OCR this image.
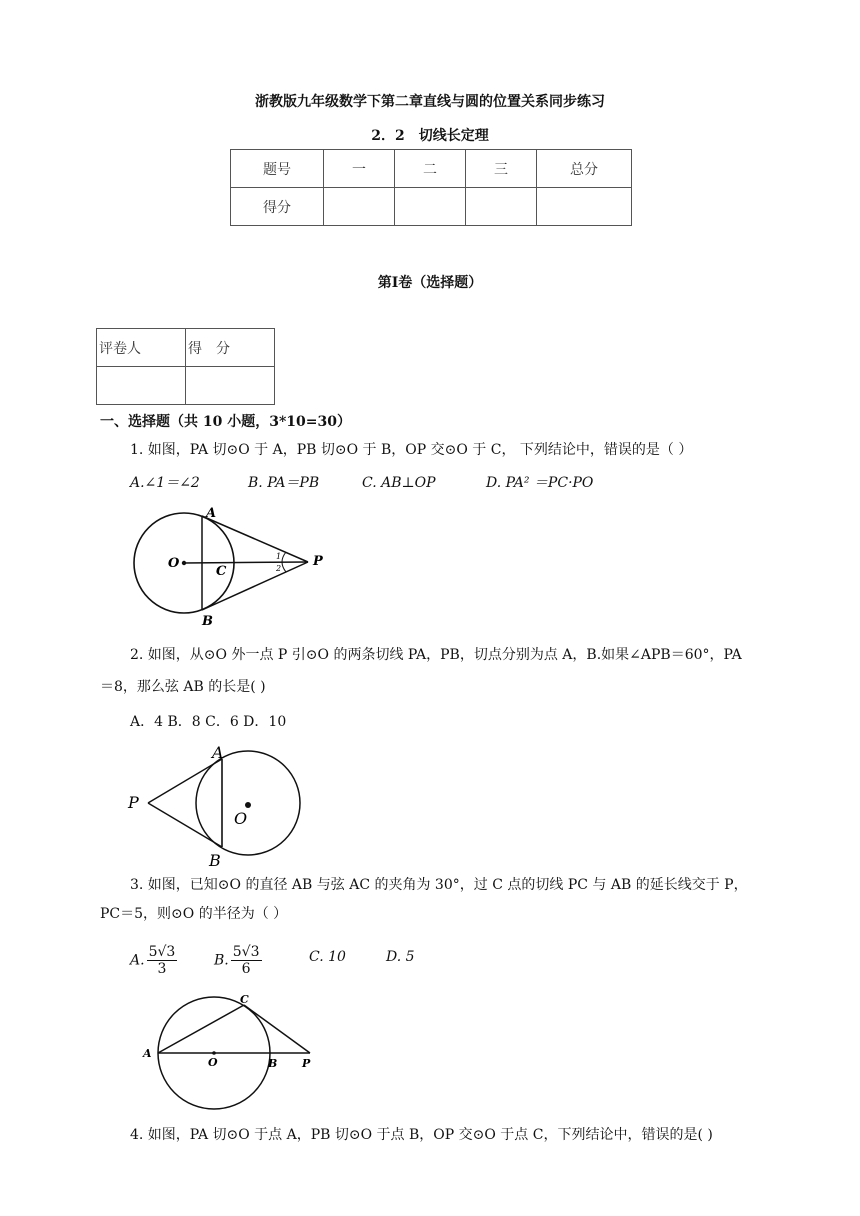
浙教版九年级数学下第二章直线与圆的位置关系同步练习
2．2　切线长定理
题号	一	二	三	总分
得分				
第Ⅰ卷（选择题）
评卷人	得　分

一、选择题（共 10 小题，3*10=30）
1. 如图，PA 切⊙O 于 A，PB 切⊙O 于 B，OP 交⊙O 于 C， 下列结论中，错误的是（ ）
A.∠1＝∠2	B. PA＝PB	C. AB⊥OP	D. PA² ＝PC·PO
A
B
C
O	P
1
2
2. 如图，从⊙O 外一点 P 引⊙O 的两条切线 PA，PB，切点分别为点 A，B.如果∠APB＝60°，PA
＝8，那么弦 AB 的长是( )
A．4 B．8 C．6 D．10
A
B
O
P
3. 如图，已知⊙O 的直径 AB 与弦 AC 的夹角为 30°，过 C 点的切线 PC 与 AB 的延长线交于 P，
PC＝5，则⊙O 的半径为（ ）
A. $\frac{5√3}{3}$	B. $\frac{5√3}{6}$	C. 10	D. 5
A
O	B P
C
4. 如图，PA 切⊙O 于点 A，PB 切⊙O 于点 B，OP 交⊙O 于点 C，下列结论中，错误的是( )
